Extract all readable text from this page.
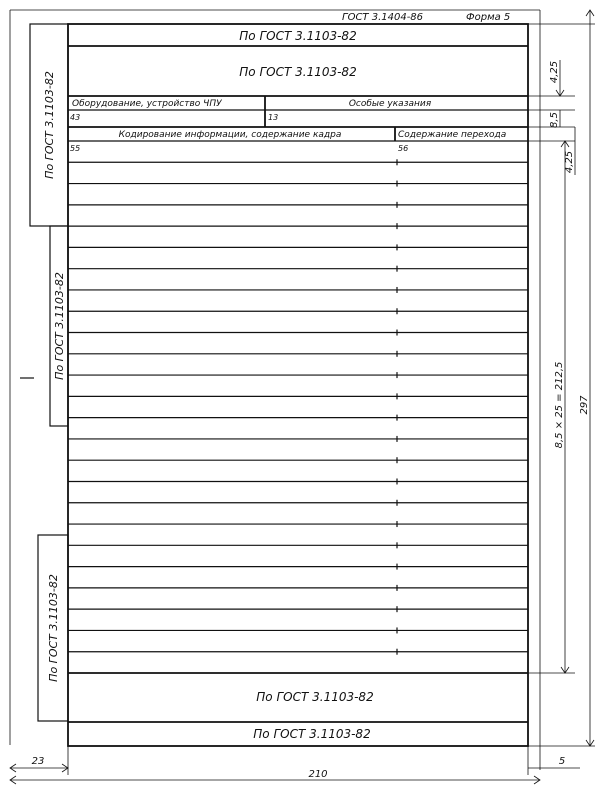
ГОСТ 3.1404-86	Форма 5
По ГОСТ 3.1103-82
По ГОСТ 3.1103-82
Оборудование, устройство ЧПУ	Особые указания
43	13
Кодирование информации, содержание кадра	Содержание перехода
55	56
По ГОСТ 3.1103-82
По ГОСТ 3.1103-82
По ГОСТ 3.1103-82
По ГОСТ 3.1103-82
По ГОСТ 3.1103-82
4,25
8,5
4,25
8,5 × 25 = 212,5 297
23
210
5
